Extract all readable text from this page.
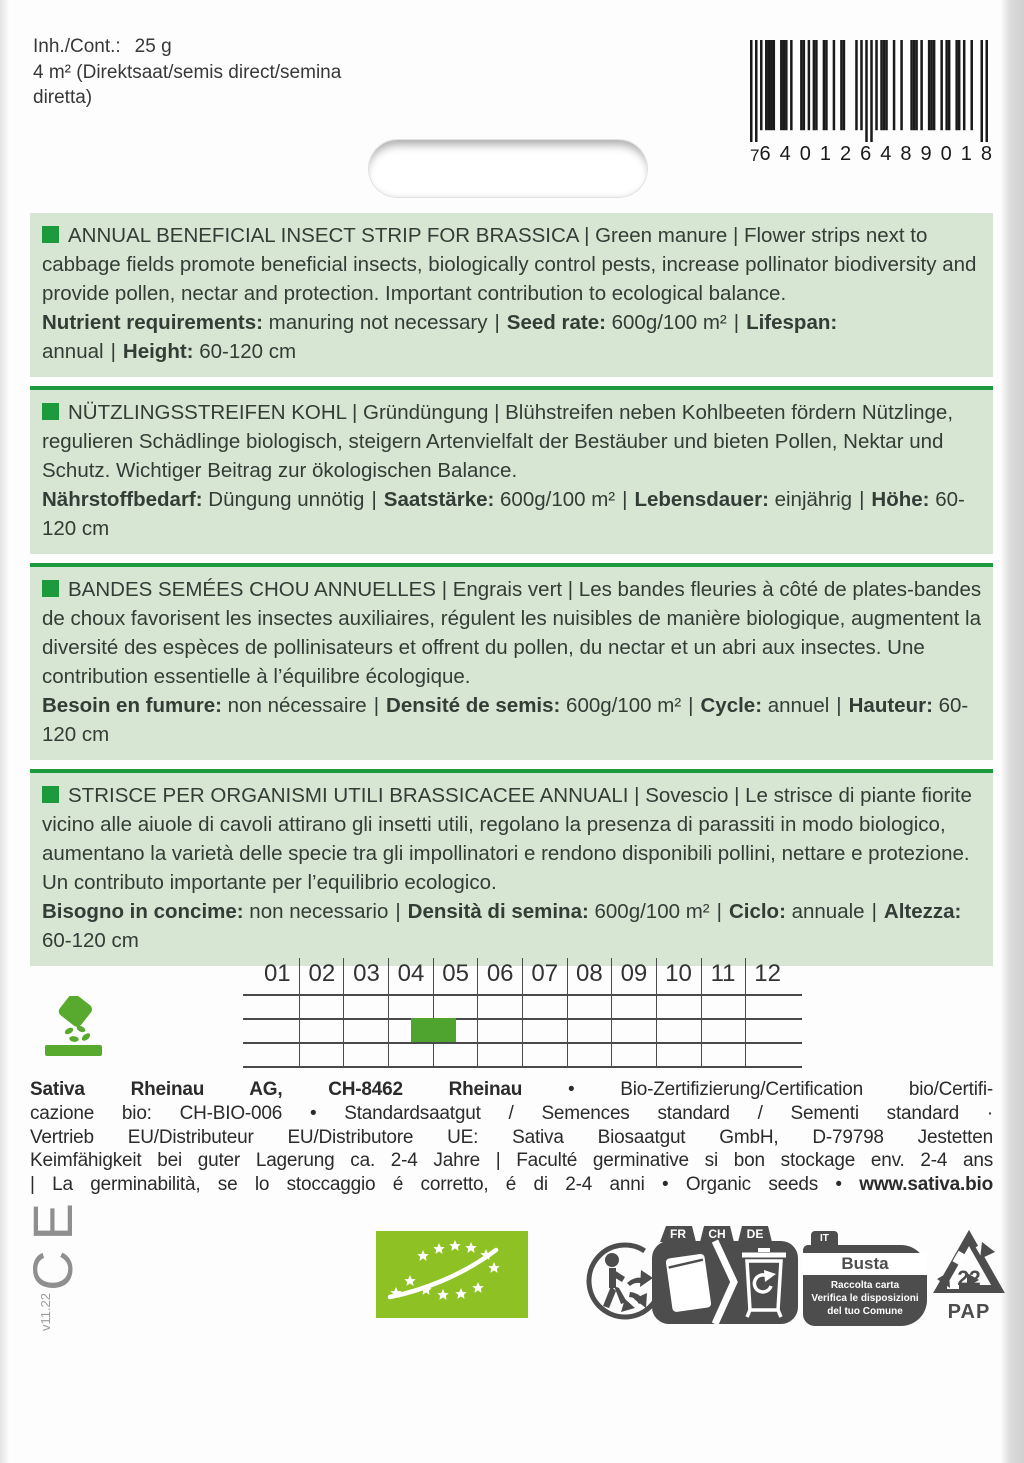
Inh./Cont.: 25 g
4 m² (Direktsaat/semis direct/semina diretta)
7 640126 489018

ANNUAL BENEFICIAL INSECT STRIP FOR BRASSICA | Green manure | Flower strips next to cabbage fields promote beneficial insects, biologically control pests, increase pollinator biodiversity and provide pollen, nectar and protection. Important contribution to ecological balance.

Nutrient requirements: manuring not necessary | Seed rate: 600g/100 m² | Lifespan: annual | Height: 60-120 cm

NÜTZLINGSSTREIFEN KOHL | Gründüngung | Blühstreifen neben Kohlbeeten fördern Nützlinge, regulieren Schädlinge biologisch, steigern Artenvielfalt der Bestäuber und bieten Pollen, Nektar und Schutz. Wichtiger Beitrag zur ökologischen Balance.

Nährstoffbedarf: Düngung unnötig | Saatstärke: 600g/100 m² | Lebensdauer: einjährig | Höhe: 60-120 cm

BANDES SEMÉES CHOU ANNUELLES | Engrais vert | Les bandes fleuries à côté de plates-bandes de choux favorisent les insectes auxiliaires, régulent les nuisibles de manière biologique, augmentent la diversité des espèces de pollinisateurs et offrent du pollen, du nectar et un abri aux insectes. Une contribution essentielle à l’équilibre écologique.

Besoin en fumure: non nécessaire | Densité de semis: 600g/100 m² | Cycle: annuel | Hauteur: 60-120 cm

STRISCE PER ORGANISMI UTILI BRASSICACEE ANNUALI | Sovescio | Le strisce di piante fiorite vicino alle aiuole di cavoli attirano gli insetti utili, regolano la presenza di parassiti in modo biologico, aumentano la varietà delle specie tra gli impollinatori e rendono disponibili pollini, nettare e protezione. Un contributo importante per l’equilibrio ecologico.

Bisogno in concime: non necessario | Densità di semina: 600g/100 m² | Ciclo: annuale | Altezza: 60-120 cm

01 02 03 04 05 06 07 08 09 10 11 12
Sativa Rheinau AG, CH-8462 Rheinau • Bio-Zertifizierung/Certification bio/Certifi-
cazione bio: CH-BIO-006 • Standardsaatgut / Semences standard / Sementi standard ·
Vertrieb EU/Distributeur EU/Distributore UE: Sativa Biosaatgut GmbH, D-79798 Jestetten
Keimfähigkeit bei guter Lagerung ca. 2-4 Jahre | Faculté germinative si bon stockage env. 2-4 ans
| La germinabilità, se lo stoccaggio é corretto, é di 2-4 anni • Organic seeds • www.sativa.bio
CE
v11.22
FR CH DE	IT
Busta
Raccolta carta
Verifica le disposizioni
del tuo Comune
22
PAP
